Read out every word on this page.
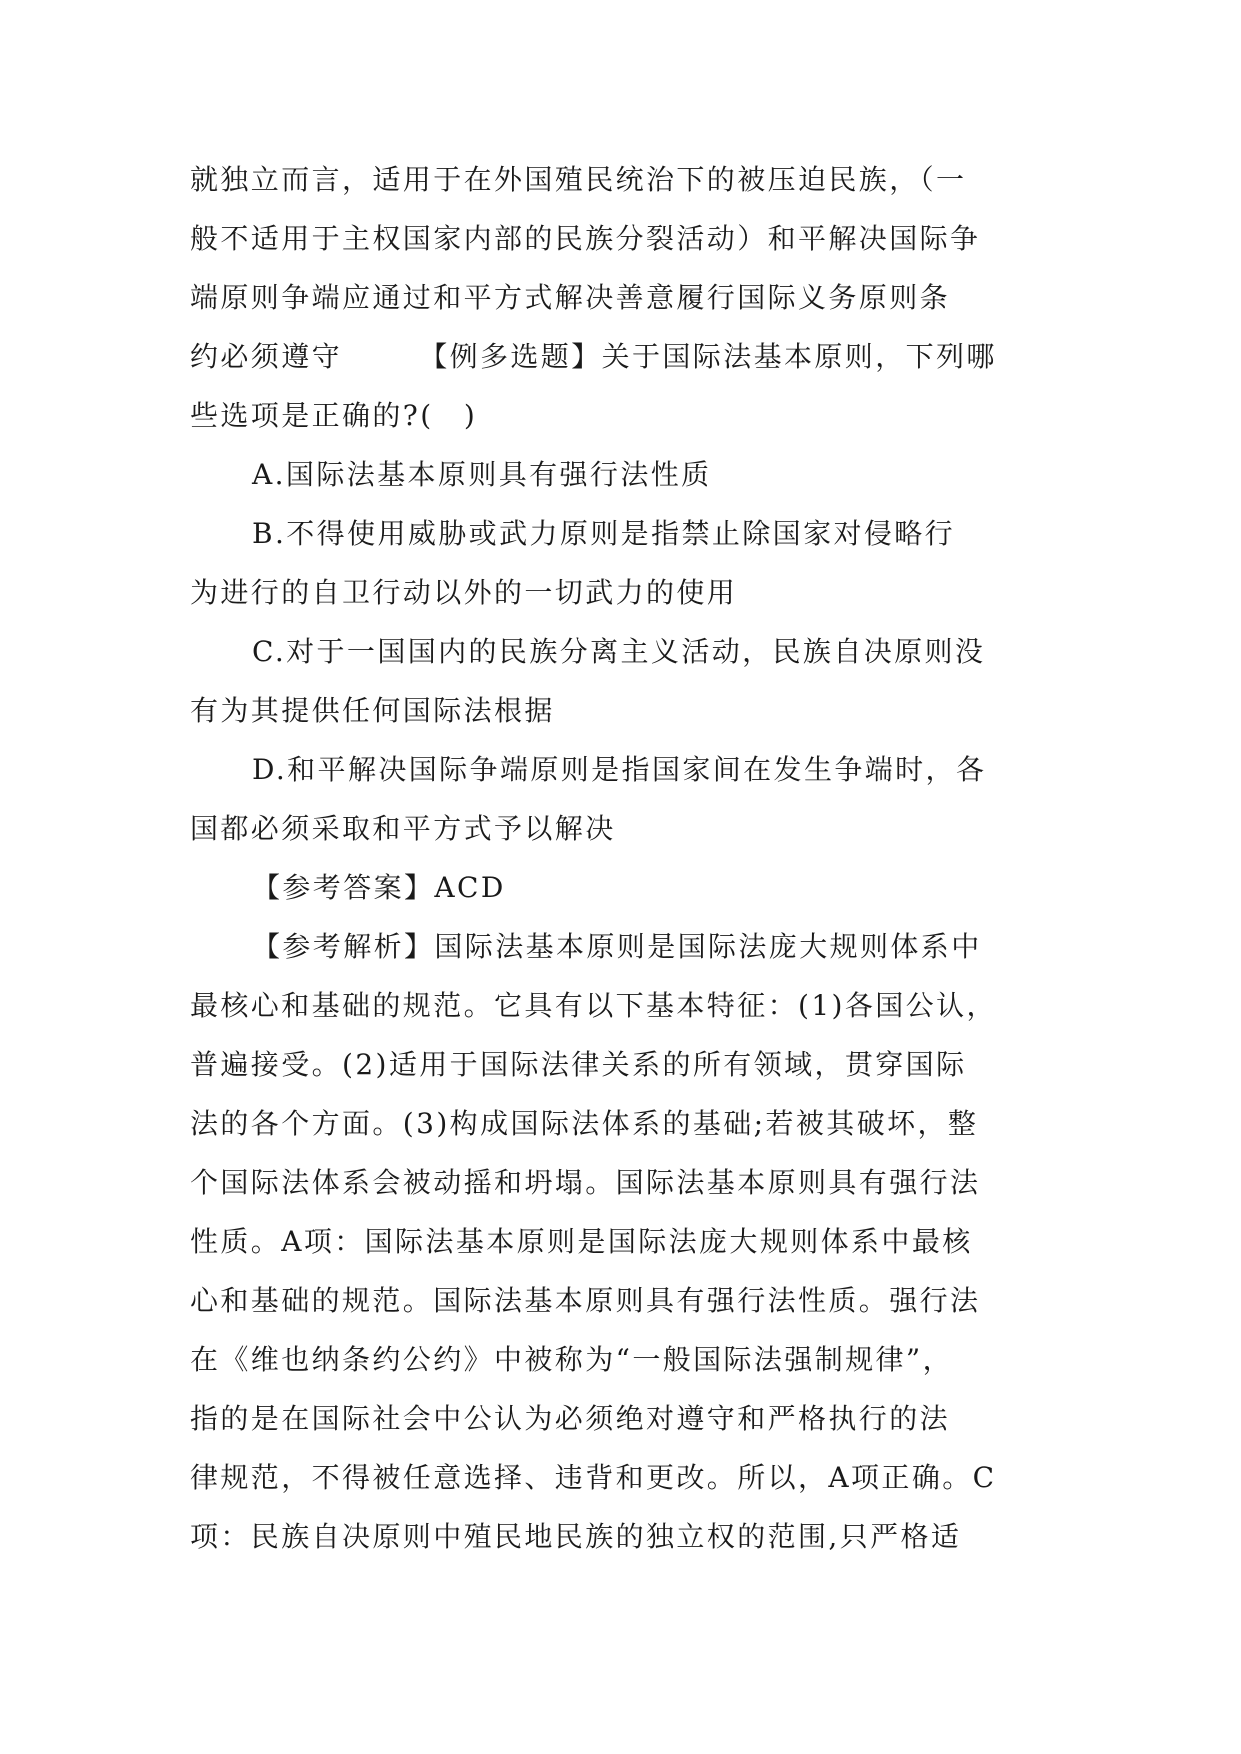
就独立而言，适用于在外国殖民统治下的被压迫民族，（一
般不适用于主权国家内部的民族分裂活动）和平解决国际争
端原则争端应通过和平方式解决善意履行国际义务原则条
约必须遵守　　　【例多选题】关于国际法基本原则，下列哪
些选项是正确的?(　)
A.国际法基本原则具有强行法性质
B.不得使用威胁或武力原则是指禁止除国家对侵略行
为进行的自卫行动以外的一切武力的使用
C.对于一国国内的民族分离主义活动，民族自决原则没
有为其提供任何国际法根据
D.和平解决国际争端原则是指国家间在发生争端时，各
国都必须采取和平方式予以解决
【参考答案】ACD
【参考解析】国际法基本原则是国际法庞大规则体系中
最核心和基础的规范。它具有以下基本特征：(1)各国公认，
普遍接受。(2)适用于国际法律关系的所有领域，贯穿国际
法的各个方面。(3)构成国际法体系的基础;若被其破坏，整
个国际法体系会被动摇和坍塌。国际法基本原则具有强行法
性质。A项：国际法基本原则是国际法庞大规则体系中最核
心和基础的规范。国际法基本原则具有强行法性质。强行法
在《维也纳条约公约》中被称为“一般国际法强制规律”，
指的是在国际社会中公认为必须绝对遵守和严格执行的法
律规范，不得被任意选择、违背和更改。所以，A项正确。C
项：民族自决原则中殖民地民族的独立权的范围,只严格适
